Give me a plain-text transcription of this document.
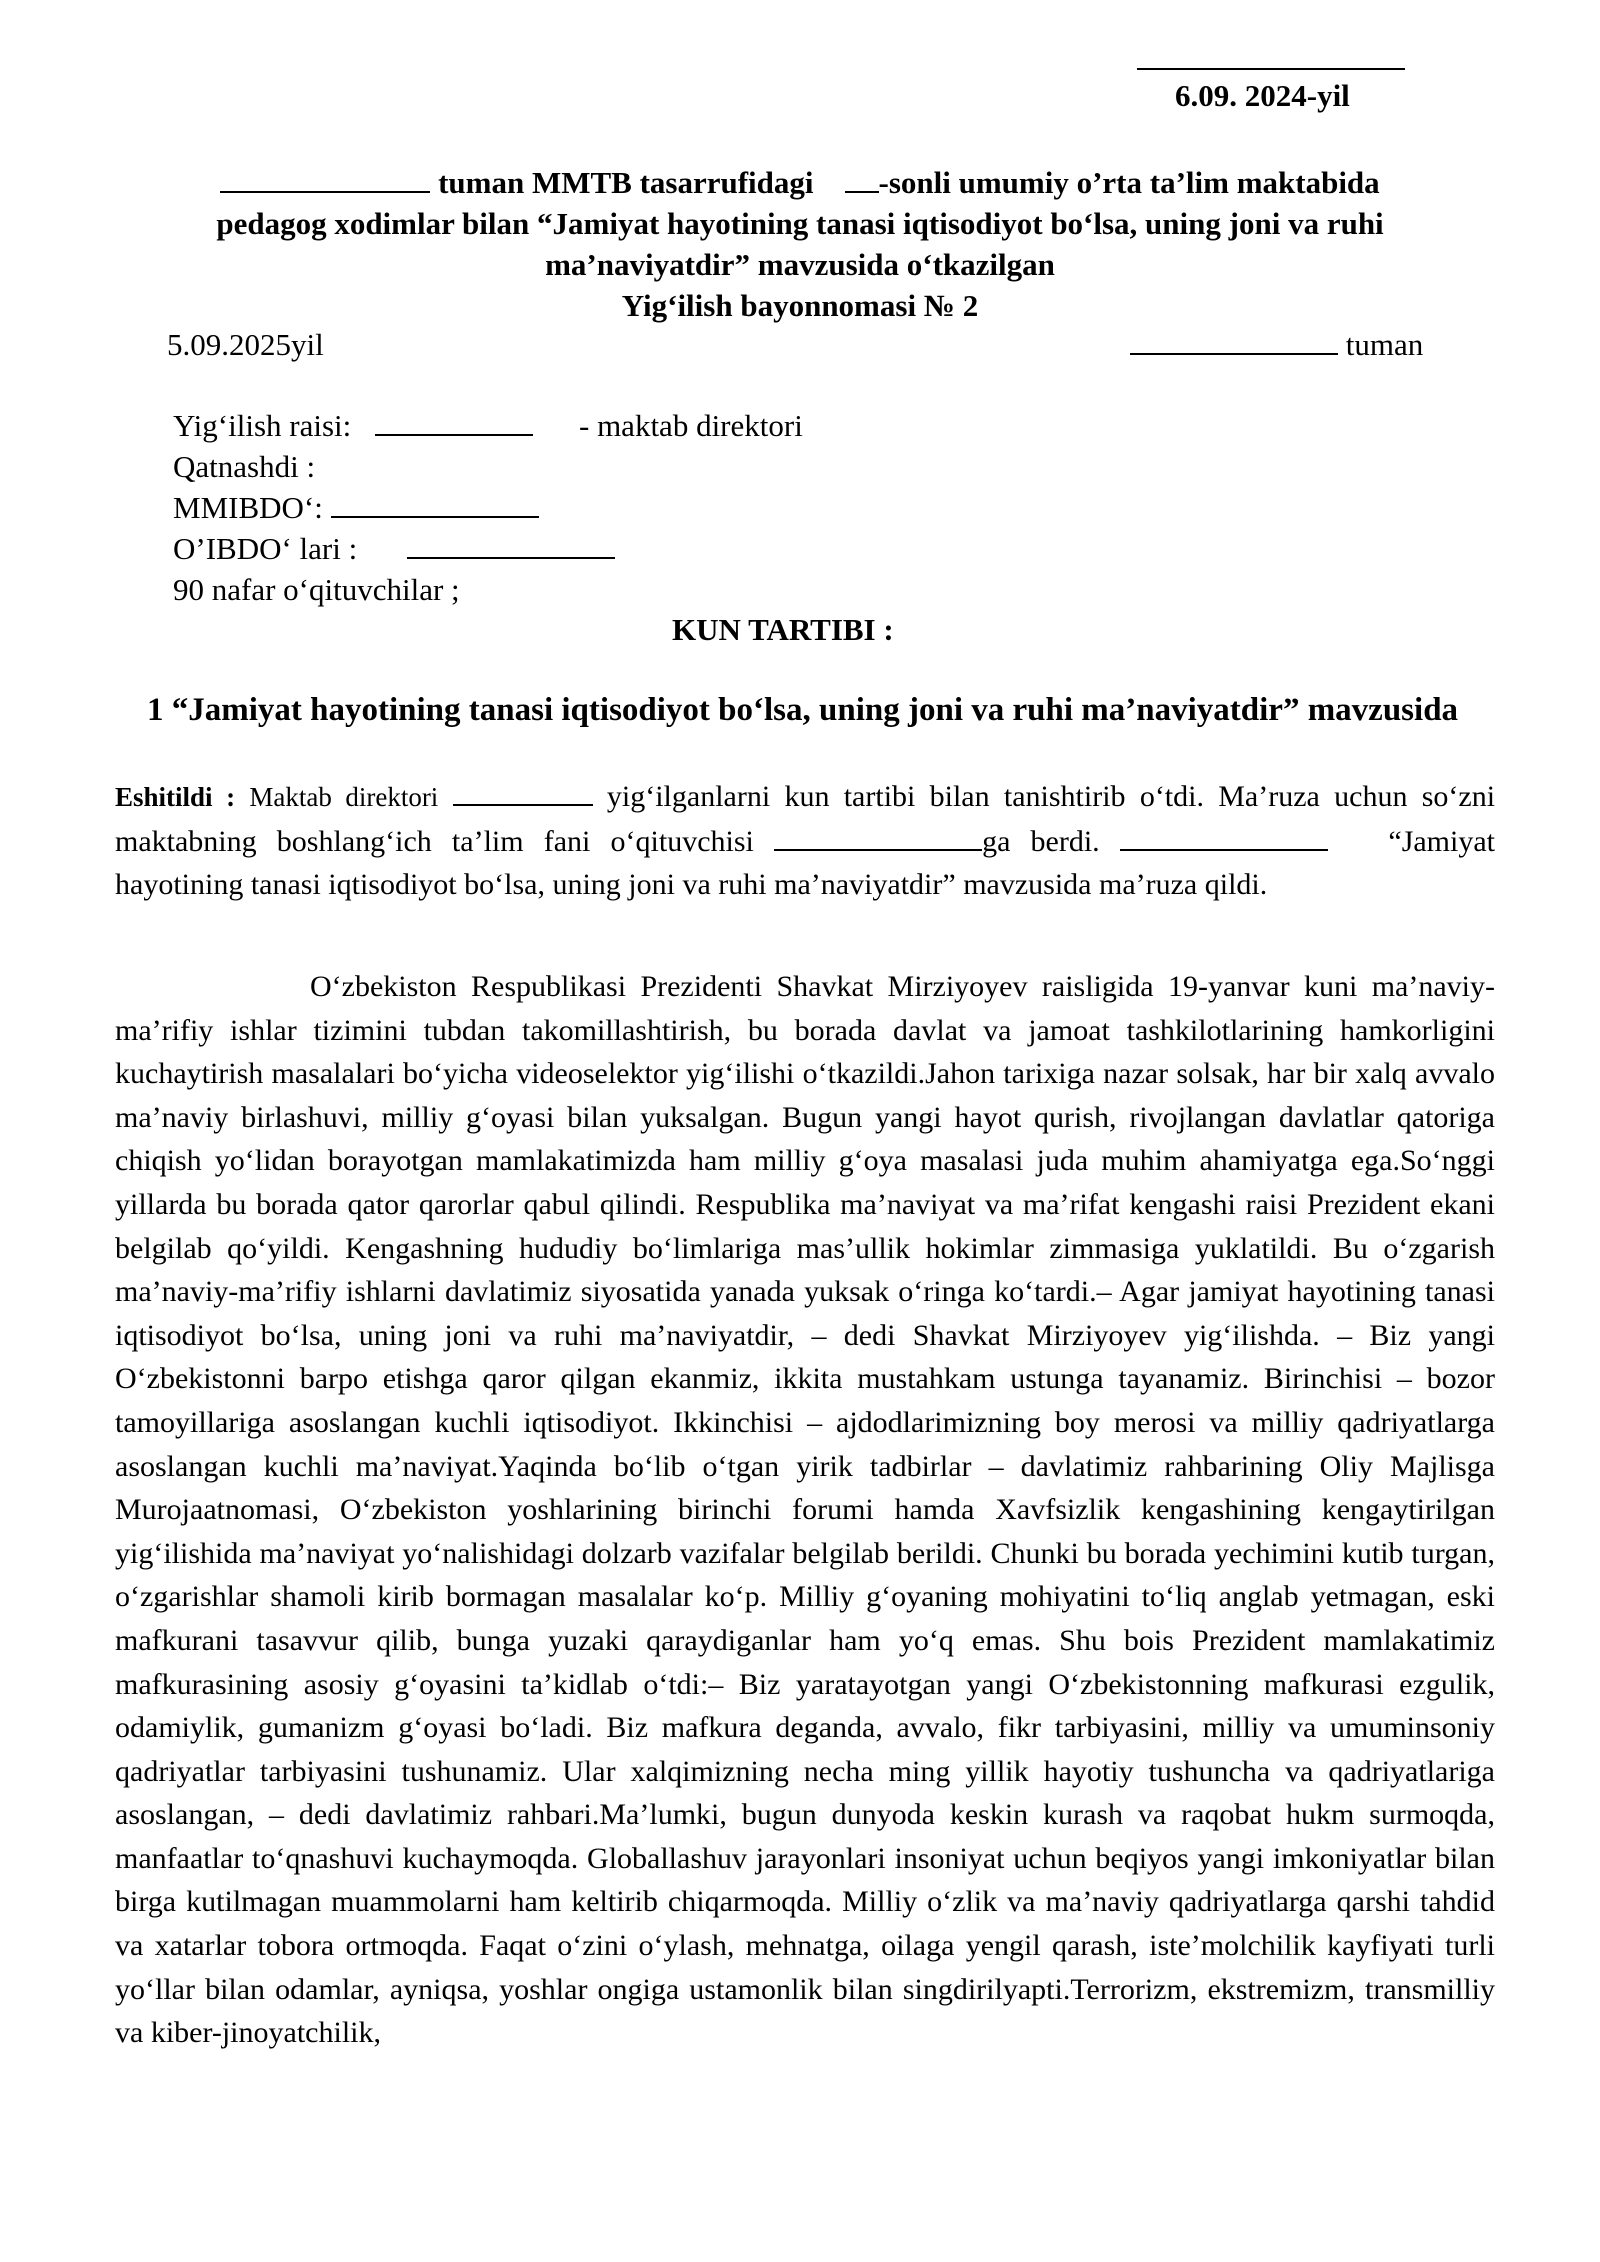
6.09. 2024-yil
tuman MMTB tasarrufidagi -sonli umumiy o’rta ta’lim maktabida
pedagog xodimlar bilan “Jamiyat hayotining tanasi iqtisodiyot bo‘lsa, uning joni va ruhi
ma’naviyatdir” mavzusida o‘tkazilgan
Yig‘ilish bayonnomasi № 2
5.09.2025yil	tuman
Yig‘ilish raisi:	- maktab direktori
Qatnashdi :
MMIBDO‘:
O’IBDO‘ lari :
90 nafar o‘qituvchilar ;
KUN TARTIBI :
1 “Jamiyat hayotining tanasi iqtisodiyot bo‘lsa, uning joni va ruhi ma’naviyatdir” mavzusida
Eshitildi : Maktab direktori	yig‘ilganlarni kun tartibi bilan tanishtirib o‘tdi. Ma’ruza uchun so‘zni maktabning boshlang‘ich ta’lim fani o‘qituvchisi	ga berdi.	“Jamiyat hayotining tanasi iqtisodiyot bo‘lsa, uning joni va ruhi ma’naviyatdir” mavzusida ma’ruza qildi.
O‘zbekiston Respublikasi Prezidenti Shavkat Mirziyoyev raisligida 19-yanvar kuni ma’naviy-ma’rifiy ishlar tizimini tubdan takomillashtirish, bu borada davlat va jamoat tashkilotlarining hamkorligini kuchaytirish masalalari bo‘yicha videoselektor yig‘ilishi o‘tkazildi.Jahon tarixiga nazar solsak, har bir xalq avvalo ma’naviy birlashuvi, milliy g‘oyasi bilan yuksalgan. Bugun yangi hayot qurish, rivojlangan davlatlar qatoriga chiqish yo‘lidan borayotgan mamlakatimizda ham milliy g‘oya masalasi juda muhim ahamiyatga ega.So‘nggi yillarda bu borada qator qarorlar qabul qilindi. Respublika ma’naviyat va ma’rifat kengashi raisi Prezident ekani belgilab qo‘yildi. Kengashning hududiy bo‘limlariga mas’ullik hokimlar zimmasiga yuklatildi. Bu o‘zgarish ma’naviy-ma’rifiy ishlarni davlatimiz siyosatida yanada yuksak o‘ringa ko‘tardi.– Agar jamiyat hayotining tanasi iqtisodiyot bo‘lsa, uning joni va ruhi ma’naviyatdir, – dedi Shavkat Mirziyoyev yig‘ilishda. – Biz yangi O‘zbekistonni barpo etishga qaror qilgan ekanmiz, ikkita mustahkam ustunga tayanamiz. Birinchisi – bozor tamoyillariga asoslangan kuchli iqtisodiyot. Ikkinchisi – ajdodlarimizning boy merosi va milliy qadriyatlarga asoslangan kuchli ma’naviyat.Yaqinda bo‘lib o‘tgan yirik tadbirlar – davlatimiz rahbarining Oliy Majlisga Murojaatnomasi, O‘zbekiston yoshlarining birinchi forumi hamda Xavfsizlik kengashining kengaytirilgan yig‘ilishida ma’naviyat yo‘nalishidagi dolzarb vazifalar belgilab berildi. Chunki bu borada yechimini kutib turgan, o‘zgarishlar shamoli kirib bormagan masalalar ko‘p. Milliy g‘oyaning mohiyatini to‘liq anglab yetmagan, eski mafkurani tasavvur qilib, bunga yuzaki qaraydiganlar ham yo‘q emas. Shu bois Prezident mamlakatimiz mafkurasining asosiy g‘oyasini ta’kidlab o‘tdi:– Biz yaratayotgan yangi O‘zbekistonning mafkurasi ezgulik, odamiylik, gumanizm g‘oyasi bo‘ladi. Biz mafkura deganda, avvalo, fikr tarbiyasini, milliy va umuminsoniy qadriyatlar tarbiyasini tushunamiz. Ular xalqimizning necha ming yillik hayotiy tushuncha va qadriyatlariga asoslangan, – dedi davlatimiz rahbari.Ma’lumki, bugun dunyoda keskin kurash va raqobat hukm surmoqda, manfaatlar to‘qnashuvi kuchaymoqda. Globallashuv jarayonlari insoniyat uchun beqiyos yangi imkoniyatlar bilan birga kutilmagan muammolarni ham keltirib chiqarmoqda. Milliy o‘zlik va ma’naviy qadriyatlarga qarshi tahdid va xatarlar tobora ortmoqda. Faqat o‘zini o‘ylash, mehnatga, oilaga yengil qarash, iste’molchilik kayfiyati turli yo‘llar bilan odamlar, ayniqsa, yoshlar ongiga ustamonlik bilan singdirilyapti.Terrorizm, ekstremizm, transmilliy va kiber-jinoyatchilik,
